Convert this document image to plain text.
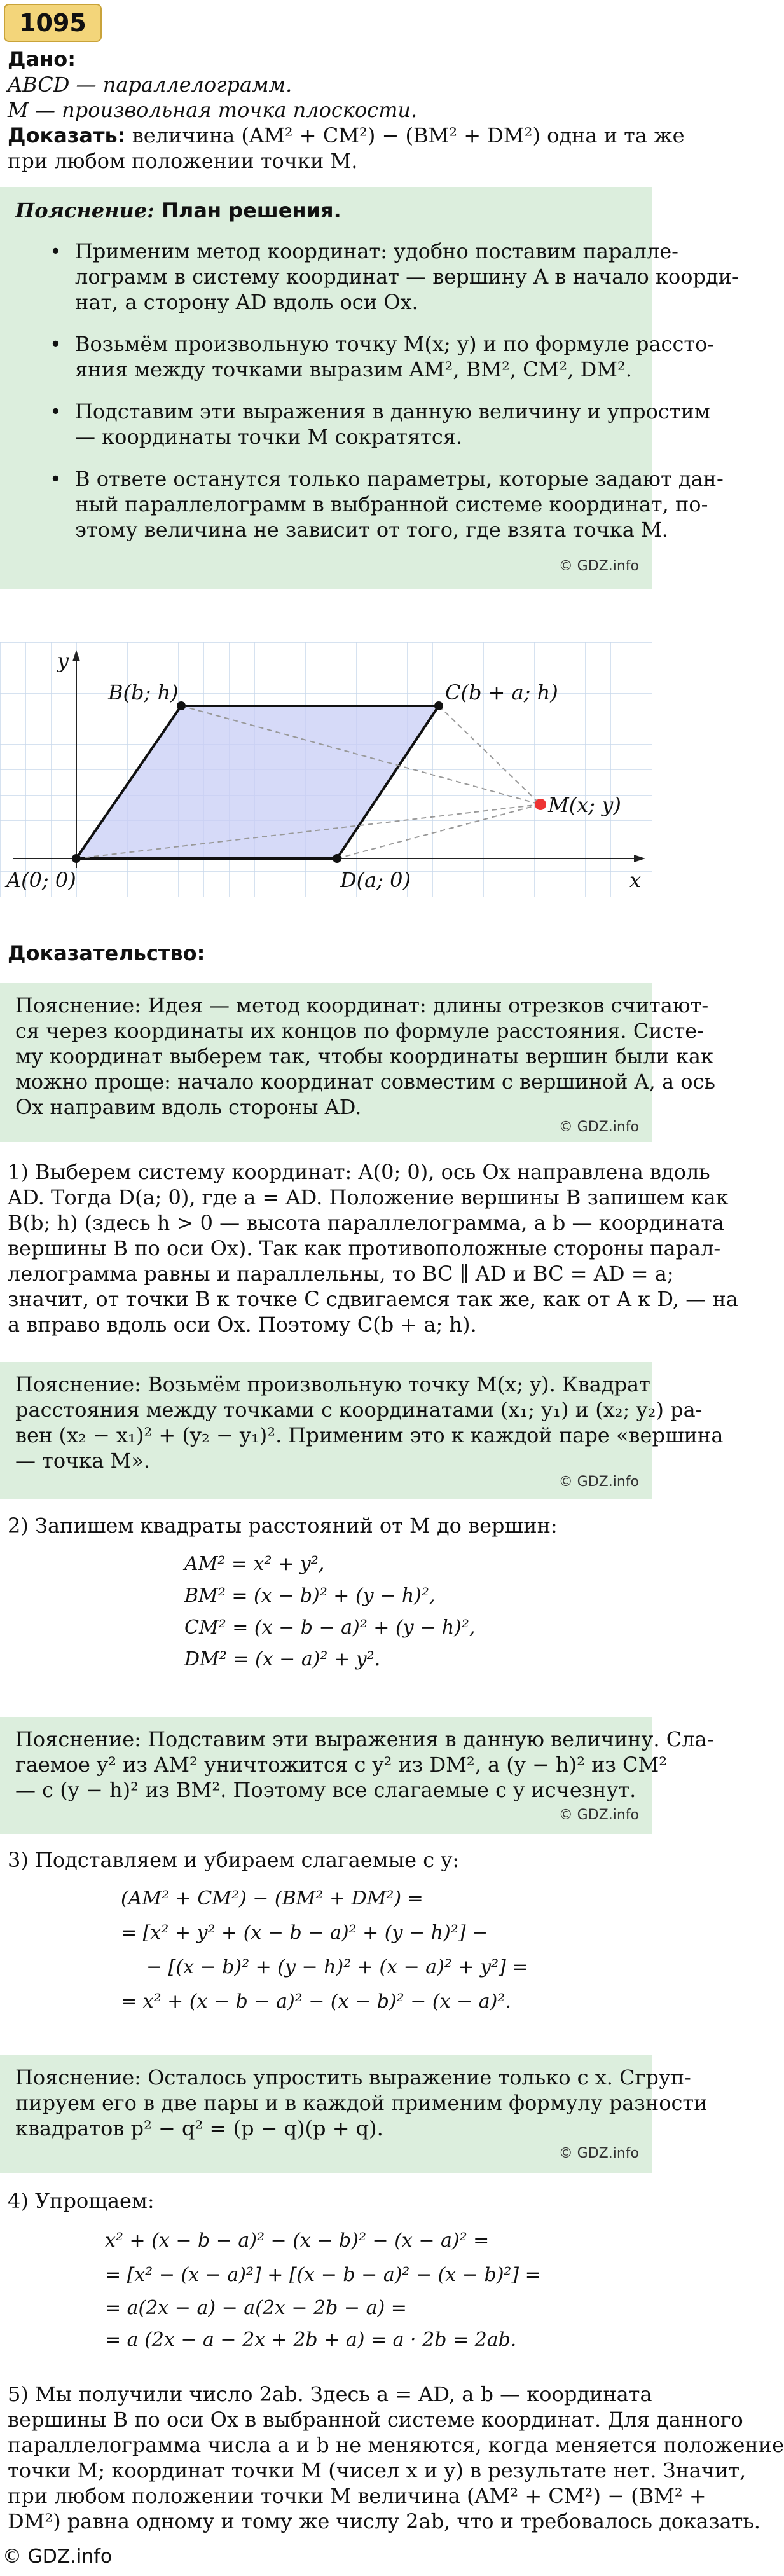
1095
Дано:
ABCD — параллелограмм.
M — произвольная точка плоскости.
Доказать: величина (AM² + CM²) − (BM² + DM²) одна и та же
при любом положении точки M.
Пояснение: План решения.
• Применим метод координат: удобно поставим паралле-
лограмм в систему координат — вершину A в начало коорди-
нат, а сторону AD вдоль оси Ox.
• Возьмём произвольную точку M(x; y) и по формуле рассто-
яния между точками выразим AM², BM², CM², DM².
• Подставим эти выражения в данную величину и упростим
— координаты точки M сократятся.
• В ответе останутся только параметры, которые задают дан-
ный параллелограмм в выбранной системе координат, по-
этому величина не зависит от того, где взята точка M.
© GDZ.info
y
x
A(0; 0)
B(b; h)	C(b + a; h)
D(a; 0)
M(x; y)
Доказательство:
Пояснение: Идея — метод координат: длины отрезков считают-
ся через координаты их концов по формуле расстояния. Систе-
му координат выберем так, чтобы координаты вершин были как
можно проще: начало координат совместим с вершиной A, а ось
Ox направим вдоль стороны AD.
© GDZ.info
1) Выберем систему координат: A(0; 0), ось Ox направлена вдоль
AD. Тогда D(a; 0), где a = AD. Положение вершины B запишем как
B(b; h) (здесь h > 0 — высота параллелограмма, а b — координата
вершины B по оси Ox). Так как противоположные стороны парал-
лелограмма равны и параллельны, то BC ∥ AD и BC = AD = a;
значит, от точки B к точке C сдвигаемся так же, как от A к D, — на
a вправо вдоль оси Ox. Поэтому C(b + a; h).
Пояснение: Возьмём произвольную точку M(x; y). Квадрат
расстояния между точками с координатами (x₁; y₁) и (x₂; y₂) ра-
вен (x₂ − x₁)² + (y₂ − y₁)². Применим это к каждой паре «вершина
— точка M».
© GDZ.info
2) Запишем квадраты расстояний от M до вершин:
AM² = x² + y²,
BM² = (x − b)² + (y − h)²,
CM² = (x − b − a)² + (y − h)²,
DM² = (x − a)² + y².
Пояснение: Подставим эти выражения в данную величину. Сла-
гаемое y² из AM² уничтожится с y² из DM², а (y − h)² из CM²
— с (y − h)² из BM². Поэтому все слагаемые с y исчезнут.
© GDZ.info
3) Подставляем и убираем слагаемые с y:
(AM² + CM²) − (BM² + DM²) =
= [x² + y² + (x − b − a)² + (y − h)²] −
− [(x − b)² + (y − h)² + (x − a)² + y²] =
= x² + (x − b − a)² − (x − b)² − (x − a)².
Пояснение: Осталось упростить выражение только с x. Сгруп-
пируем его в две пары и в каждой применим формулу разности
квадратов p² − q² = (p − q)(p + q).
© GDZ.info
4) Упрощаем:
x² + (x − b − a)² − (x − b)² − (x − a)² =
= [x² − (x − a)²] + [(x − b − a)² − (x − b)²] =
= a(2x − a) − a(2x − 2b − a) =
= a (2x − a − 2x + 2b + a) = a · 2b = 2ab.
5) Мы получили число 2ab. Здесь a = AD, а b — координата
вершины B по оси Ox в выбранной системе координат. Для данного
параллелограмма числа a и b не меняются, когда меняется положение
точки M; координат точки M (чисел x и y) в результате нет. Значит,
при любом положении точки M величина (AM² + CM²) − (BM² +
DM²) равна одному и тому же числу 2ab, что и требовалось доказать.
© GDZ.info
